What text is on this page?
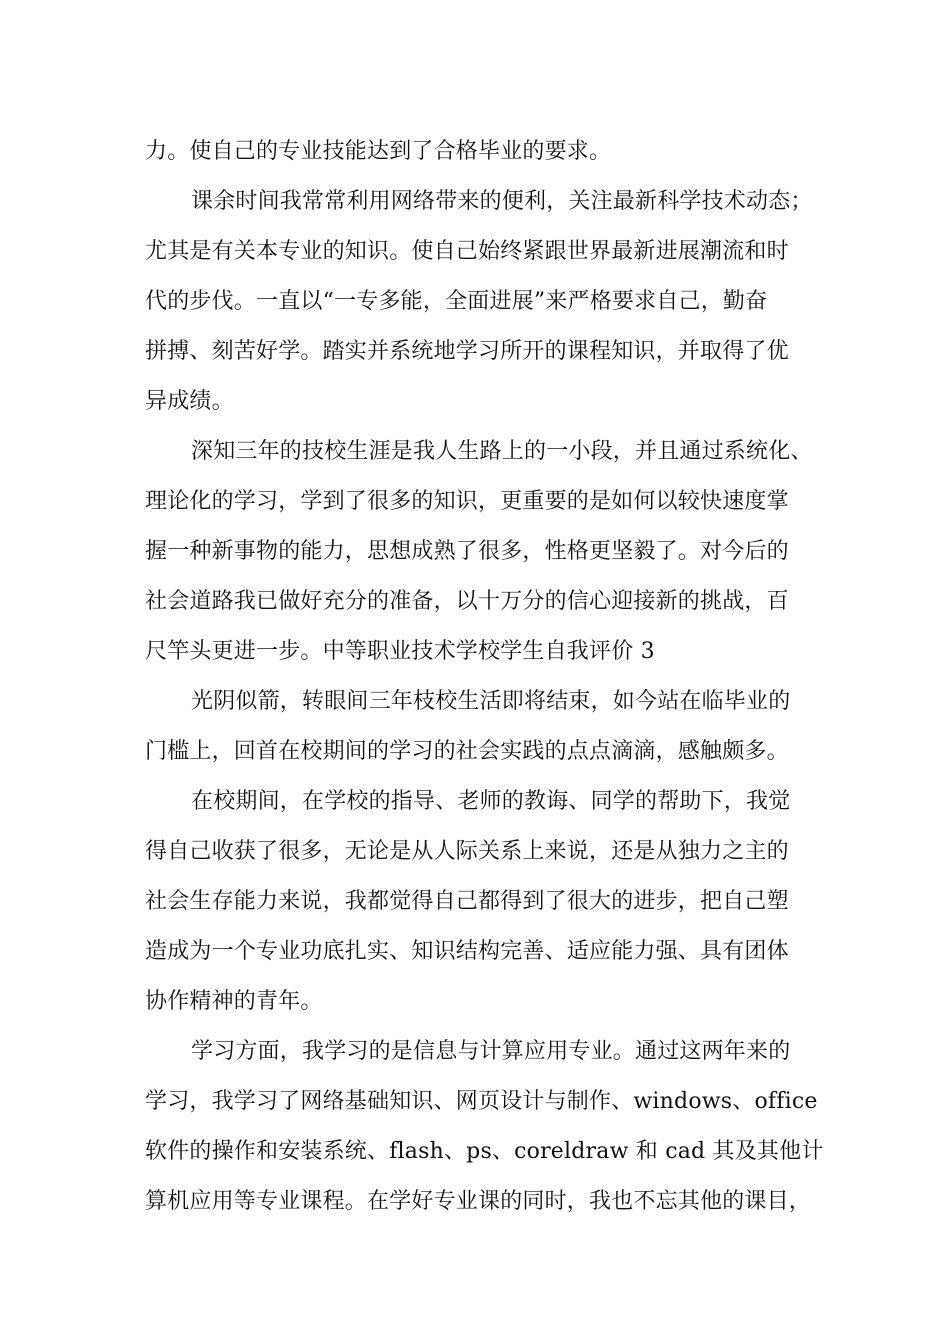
力。使自己的专业技能达到了合格毕业的要求。
课余时间我常常利用网络带来的便利，关注最新科学技术动态；
尤其是有关本专业的知识。使自己始终紧跟世界最新进展潮流和时
代的步伐。一直以“一专多能，全面进展”来严格要求自己，勤奋
拼搏、刻苦好学。踏实并系统地学习所开的课程知识，并取得了优
异成绩。
深知三年的技校生涯是我人生路上的一小段，并且通过系统化、
理论化的学习，学到了很多的知识，更重要的是如何以较快速度掌
握一种新事物的能力，思想成熟了很多，性格更坚毅了。对今后的
社会道路我已做好充分的准备，以十万分的信心迎接新的挑战，百
尺竿头更进一步。中等职业技术学校学生自我评价 3
光阴似箭，转眼间三年枝校生活即将结束，如今站在临毕业的
门槛上，回首在校期间的学习的社会实践的点点滴滴，感触颇多。
在校期间，在学校的指导、老师的教诲、同学的帮助下，我觉
得自己收获了很多，无论是从人际关系上来说，还是从独力之主的
社会生存能力来说，我都觉得自己都得到了很大的进步，把自己塑
造成为一个专业功底扎实、知识结构完善、适应能力强、具有团体
协作精神的青年。
学习方面，我学习的是信息与计算应用专业。通过这两年来的
学习，我学习了网络基础知识、网页设计与制作、windows、office
软件的操作和安装系统、flash、ps、coreldraw 和 cad 其及其他计
算机应用等专业课程。在学好专业课的同时，我也不忘其他的课目，
